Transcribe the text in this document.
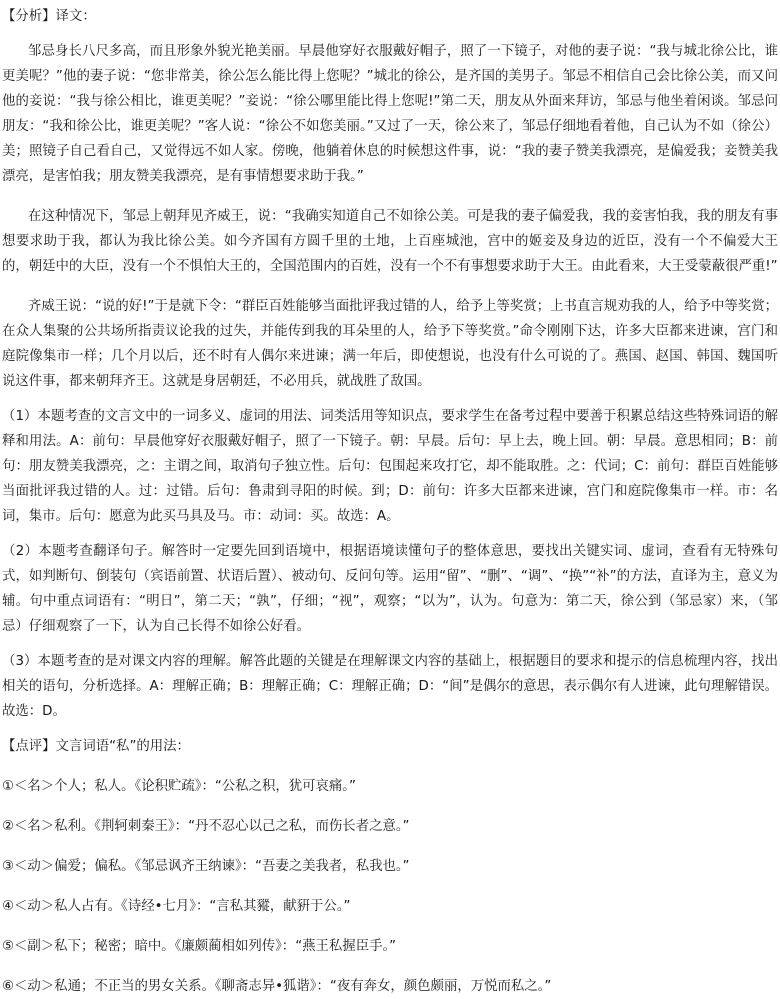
【分析】译文：

邹忌身长八尺多高，而且形象外貌光艳美丽。早晨他穿好衣服戴好帽子，照了一下镜子，对他的妻子说：“我与城北徐公比，谁更美呢？”他的妻子说：“您非常美，徐公怎么能比得上您呢？”城北的徐公，是齐国的美男子。邹忌不相信自己会比徐公美，而又问他的妾说：“我与徐公相比，谁更美呢？”妾说：“徐公哪里能比得上您呢!”第二天，朋友从外面来拜访，邹忌与他坐着闲谈。邹忌问朋友：“我和徐公比，谁更美呢？”客人说：“徐公不如您美丽。”又过了一天，徐公来了，邹忌仔细地看着他，自己认为不如（徐公）美；照镜子自己看自己，又觉得远不如人家。傍晚，他躺着休息的时候想这件事，说：“我的妻子赞美我漂亮，是偏爱我；妾赞美我漂亮，是害怕我；朋友赞美我漂亮，是有事情想要求助于我。”

在这种情况下，邹忌上朝拜见齐威王，说：“我确实知道自己不如徐公美。可是我的妻子偏爱我，我的妾害怕我，我的朋友有事想要求助于我，都认为我比徐公美。如今齐国有方圆千里的土地，上百座城池，宫中的姬妾及身边的近臣，没有一个不偏爱大王的，朝廷中的大臣，没有一个不惧怕大王的，全国范围内的百姓，没有一个不有事想要求助于大王。由此看来，大王受蒙蔽很严重!”

齐威王说：“说的好!”于是就下令：“群臣百姓能够当面批评我过错的人，给予上等奖赏；上书直言规劝我的人，给予中等奖赏；在众人集聚的公共场所指责议论我的过失，并能传到我的耳朵里的人，给予下等奖赏。”命令刚刚下达，许多大臣都来进谏，宫门和庭院像集市一样；几个月以后，还不时有人偶尔来进谏；满一年后，即使想说，也没有什么可说的了。燕国、赵国、韩国、魏国听说这件事，都来朝拜齐王。这就是身居朝廷，不必用兵，就战胜了敌国。

（1）本题考查的文言文中的一词多义、虚词的用法、词类活用等知识点，要求学生在备考过程中要善于积累总结这些特殊词语的解释和用法。A：前句：早晨他穿好衣服戴好帽子，照了一下镜子。朝：早晨。后句：早上去，晚上回。朝：早晨。意思相同；B：前句：朋友赞美我漂亮，之：主谓之间，取消句子独立性。后句：包围起来攻打它，却不能取胜。之：代词；C：前句：群臣百姓能够当面批评我过错的人。过：过错。后句：鲁肃到寻阳的时候。到；D：前句：许多大臣都来进谏，宫门和庭院像集市一样。市：名词，集市。后句：愿意为此买马具及马。市：动词：买。故选：A。

（2）本题考查翻译句子。解答时一定要先回到语境中，根据语境读懂句子的整体意思，要找出关键实词、虚词，查看有无特殊句式，如判断句、倒装句（宾语前置、状语后置）、被动句、反问句等。运用“留”、“删”、“调”、“换”“补”的方法，直译为主，意义为辅。句中重点词语有：“明日”，第二天；“孰”，仔细；“视”，观察；“以为”，认为。句意为：第二天，徐公到（邹忌家）来，（邹忌）仔细观察了一下，认为自己长得不如徐公好看。

（3）本题考查的是对课文内容的理解。解答此题的关键是在理解课文内容的基础上，根据题目的要求和提示的信息梳理内容，找出相关的语句，分析选择。A：理解正确；B：理解正确；C：理解正确；D：“间”是偶尔的意思，表示偶尔有人进谏，此句理解错误。故选：D。

【点评】文言词语“私”的用法：

①＜名＞个人；私人。《论积贮疏》：“公私之积，犹可哀痛。”

②＜名＞私利。《荆轲刺秦王》：“丹不忍心以己之私，而伤长者之意。”

③＜动＞偏爱；偏私。《邹忌讽齐王纳谏》：“吾妻之美我者，私我也。”

④＜动＞私人占有。《诗经•七月》：“言私其豵，献豣于公。”

⑤＜副＞私下；秘密；暗中。《廉颇蔺相如列传》：“燕王私握臣手。”

⑥＜动＞私通；不正当的男女关系。《聊斋志异•狐谐》：“夜有奔女，颜色颇丽，万悦而私之。”
